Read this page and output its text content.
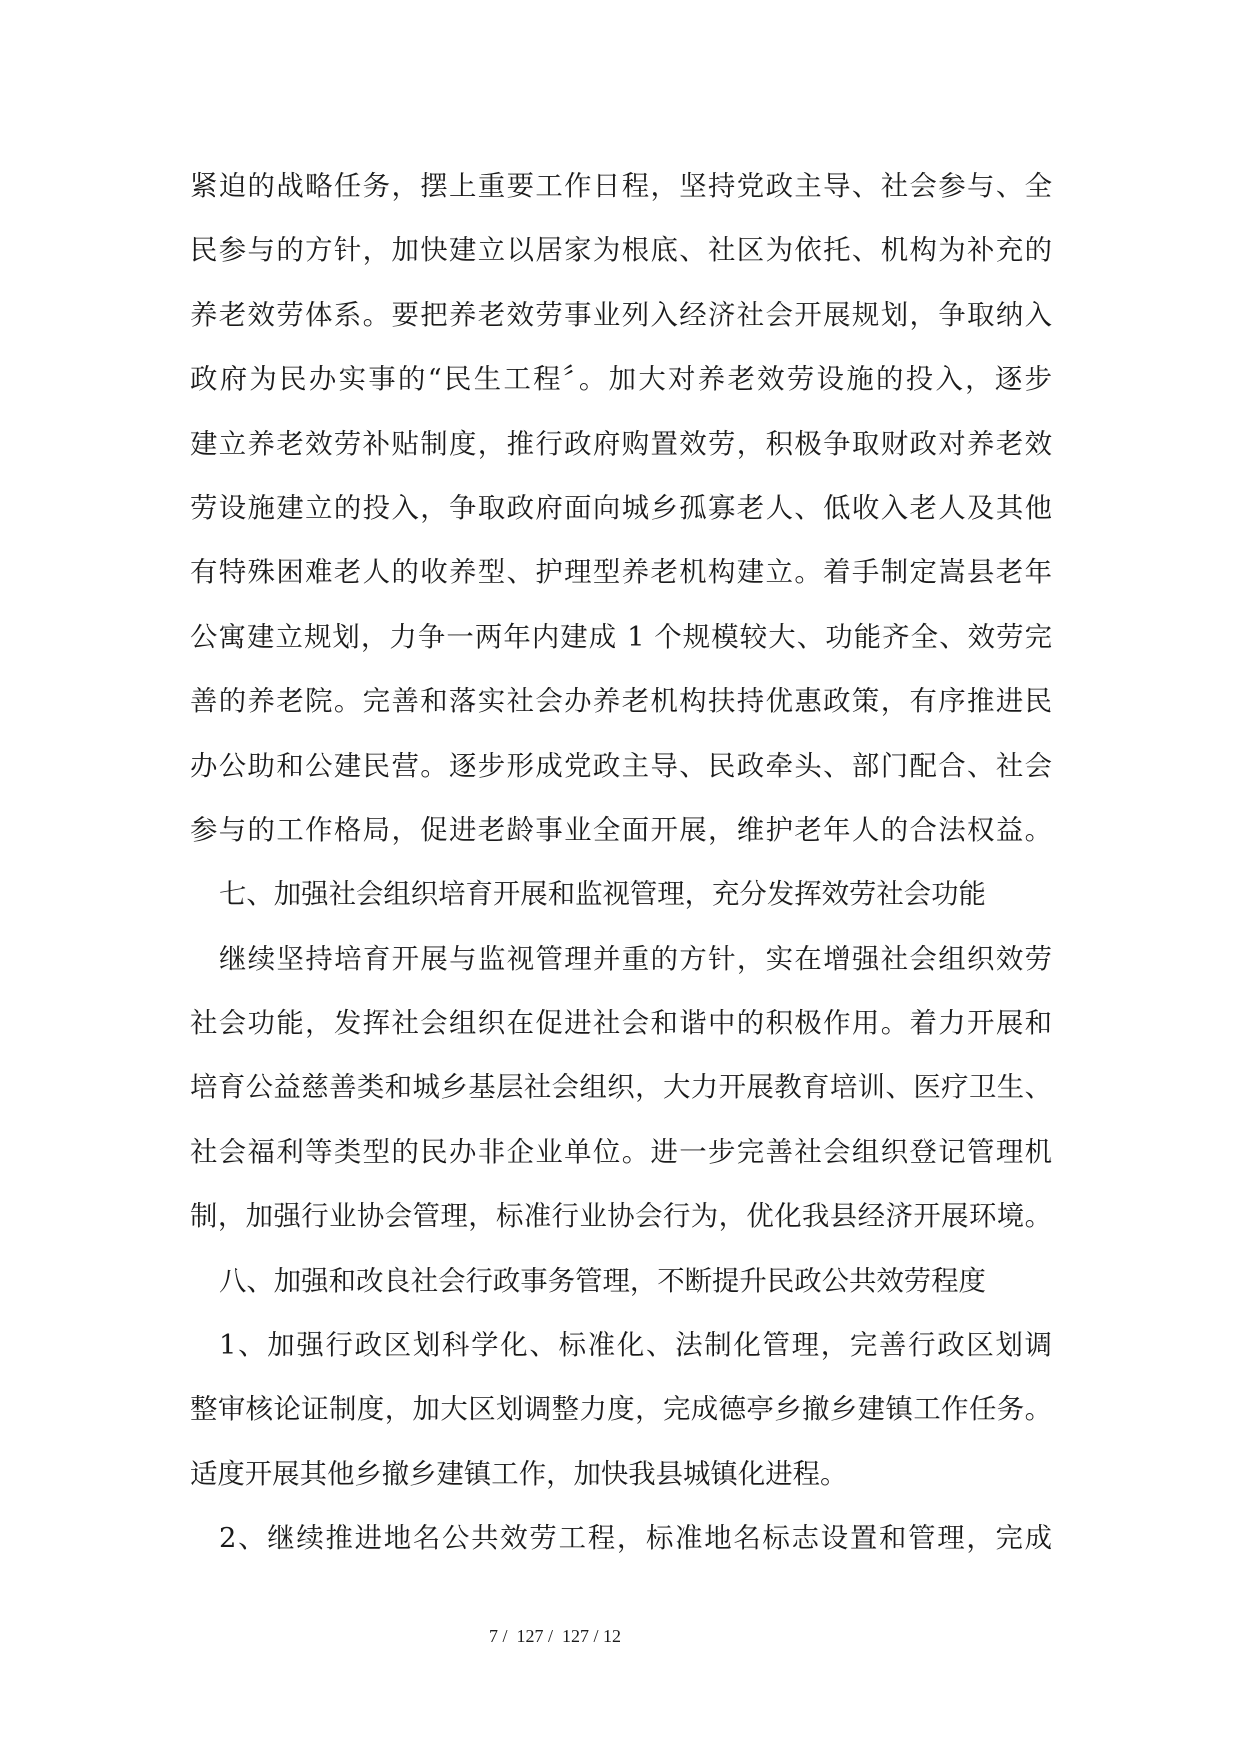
紧迫的战略任务，摆上重要工作日程，坚持党政主导、社会参与、全
民参与的方针，加快建立以居家为根底、社区为依托、机构为补充的
养老效劳体系。要把养老效劳事业列入经济社会开展规划，争取纳入
政府为民办实事的“民生工程〞。加大对养老效劳设施的投入，逐步
建立养老效劳补贴制度，推行政府购置效劳，积极争取财政对养老效
劳设施建立的投入，争取政府面向城乡孤寡老人、低收入老人及其他
有特殊困难老人的收养型、护理型养老机构建立。着手制定嵩县老年
公寓建立规划，力争一两年内建成 1 个规模较大、功能齐全、效劳完
善的养老院。完善和落实社会办养老机构扶持优惠政策，有序推进民
办公助和公建民营。逐步形成党政主导、民政牵头、部门配合、社会
参与的工作格局，促进老龄事业全面开展，维护老年人的合法权益。
七、加强社会组织培育开展和监视管理，充分发挥效劳社会功能
继续坚持培育开展与监视管理并重的方针，实在增强社会组织效劳
社会功能，发挥社会组织在促进社会和谐中的积极作用。着力开展和
培育公益慈善类和城乡基层社会组织，大力开展教育培训、医疗卫生、
社会福利等类型的民办非企业单位。进一步完善社会组织登记管理机
制，加强行业协会管理，标准行业协会行为，优化我县经济开展环境。
八、加强和改良社会行政事务管理，不断提升民政公共效劳程度
1、加强行政区划科学化、标准化、法制化管理，完善行政区划调
整审核论证制度，加大区划调整力度，完成德亭乡撤乡建镇工作任务。
适度开展其他乡撤乡建镇工作，加快我县城镇化进程。
2、继续推进地名公共效劳工程，标准地名标志设置和管理，完成
7 /  127 /  127 / 12
